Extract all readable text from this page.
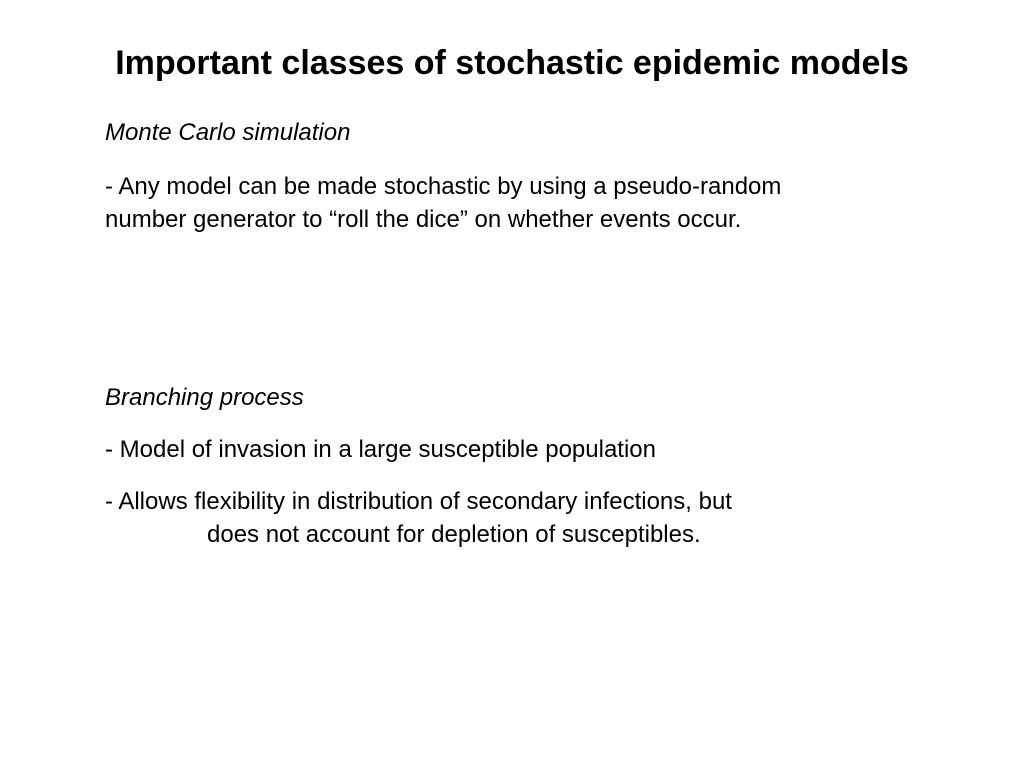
Important classes of stochastic epidemic models
Monte Carlo simulation
- Any model can be made stochastic by using a pseudo-random
number generator to “roll the dice” on whether events occur.
Branching process
- Model of invasion in a large susceptible population
- Allows flexibility in distribution of secondary infections, but
does not account for depletion of susceptibles.
